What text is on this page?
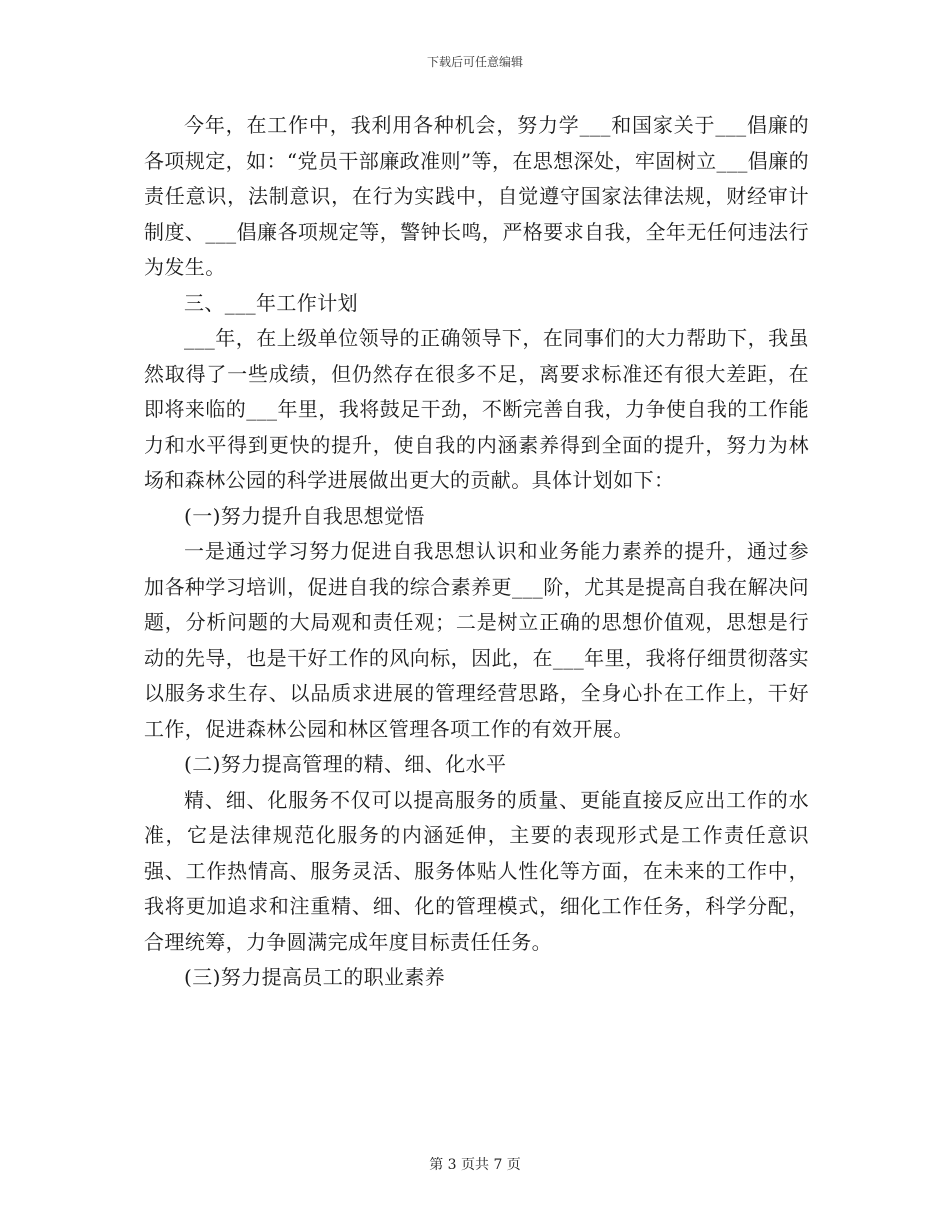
下载后可任意编辑

今年，在工作中，我利用各种机会，努力学___和国家关于___倡廉的各项规定，如：“党员干部廉政准则”等，在思想深处，牢固树立___倡廉的责任意识，法制意识，在行为实践中，自觉遵守国家法律法规，财经审计制度、___倡廉各项规定等，警钟长鸣，严格要求自我，全年无任何违法行为发生。

三、___年工作计划

___年，在上级单位领导的正确领导下，在同事们的大力帮助下，我虽然取得了一些成绩，但仍然存在很多不足，离要求标准还有很大差距，在即将来临的___年里，我将鼓足干劲，不断完善自我，力争使自我的工作能力和水平得到更快的提升，使自我的内涵素养得到全面的提升，努力为林场和森林公园的科学进展做出更大的贡献。具体计划如下：

(一)努力提升自我思想觉悟

一是通过学习努力促进自我思想认识和业务能力素养的提升，通过参加各种学习培训，促进自我的综合素养更___阶，尤其是提高自我在解决问题，分析问题的大局观和责任观；二是树立正确的思想价值观，思想是行动的先导，也是干好工作的风向标，因此，在___年里，我将仔细贯彻落实以服务求生存、以品质求进展的管理经营思路，全身心扑在工作上，干好工作，促进森林公园和林区管理各项工作的有效开展。

(二)努力提高管理的精、细、化水平

精、细、化服务不仅可以提高服务的质量、更能直接反应出工作的水准，它是法律规范化服务的内涵延伸，主要的表现形式是工作责任意识强、工作热情高、服务灵活、服务体贴人性化等方面，在未来的工作中，我将更加追求和注重精、细、化的管理模式，细化工作任务，科学分配，合理统筹，力争圆满完成年度目标责任任务。

(三)努力提高员工的职业素养

第 3 页共 7 页
